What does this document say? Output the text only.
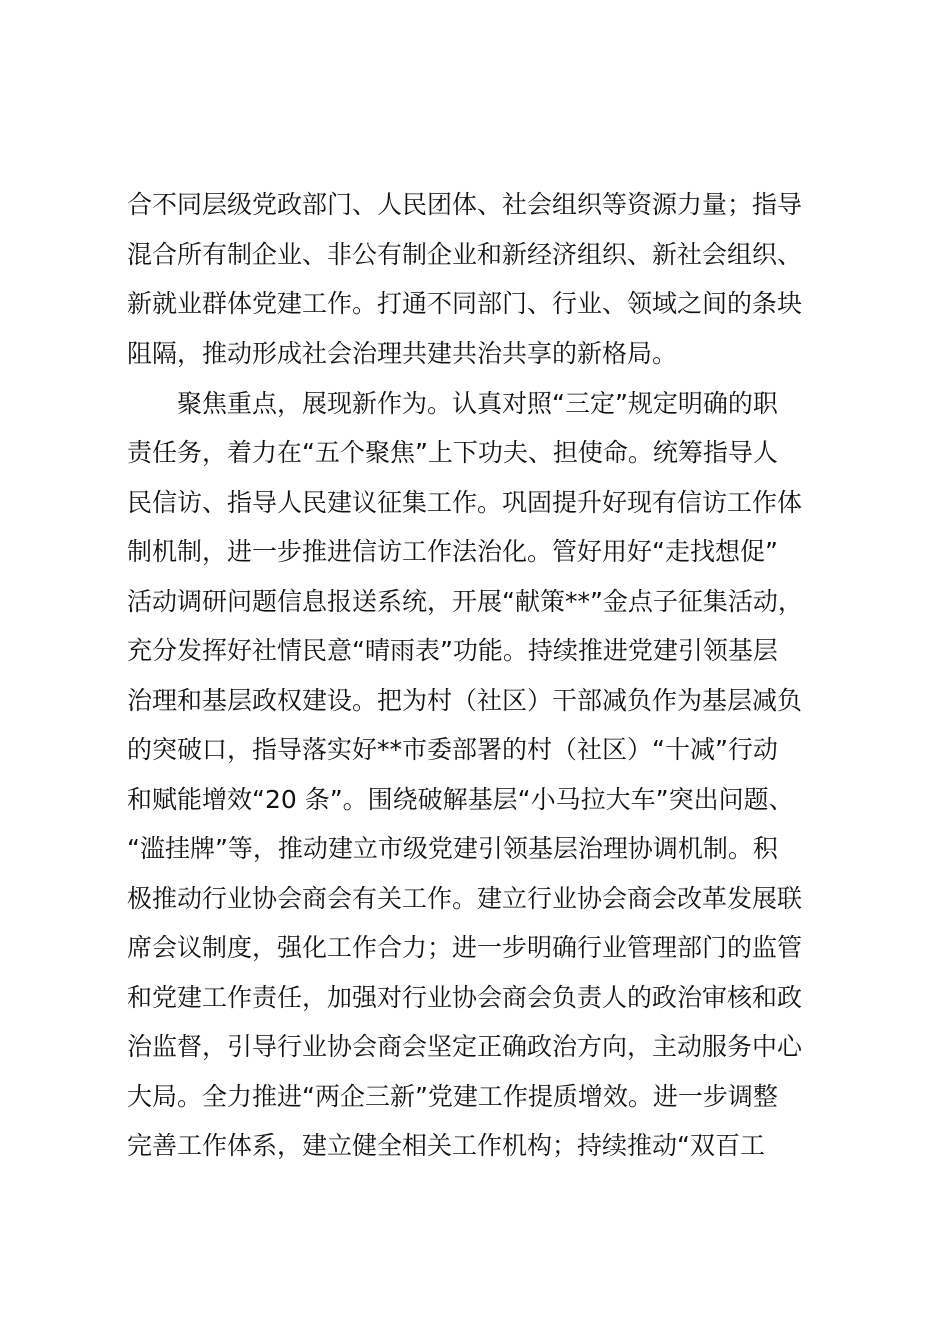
合不同层级党政部门、人民团体、社会组织等资源力量；指导
混合所有制企业、非公有制企业和新经济组织、新社会组织、
新就业群体党建工作。打通不同部门、行业、领域之间的条块
阻隔，推动形成社会治理共建共治共享的新格局。
聚焦重点，展现新作为。认真对照“三定”规定明确的职
责任务，着力在“五个聚焦”上下功夫、担使命。统筹指导人
民信访、指导人民建议征集工作。巩固提升好现有信访工作体
制机制，进一步推进信访工作法治化。管好用好“走找想促”
活动调研问题信息报送系统，开展“献策**”金点子征集活动，
充分发挥好社情民意“晴雨表”功能。持续推进党建引领基层
治理和基层政权建设。把为村（社区）干部减负作为基层减负
的突破口，指导落实好**市委部署的村（社区）“十减”行动
和赋能增效“20 条”。围绕破解基层“小马拉大车”突出问题、
“滥挂牌”等，推动建立市级党建引领基层治理协调机制。积
极推动行业协会商会有关工作。建立行业协会商会改革发展联
席会议制度，强化工作合力；进一步明确行业管理部门的监管
和党建工作责任，加强对行业协会商会负责人的政治审核和政
治监督，引导行业协会商会坚定正确政治方向，主动服务中心
大局。全力推进“两企三新”党建工作提质增效。进一步调整
完善工作体系，建立健全相关工作机构；持续推动“双百工
